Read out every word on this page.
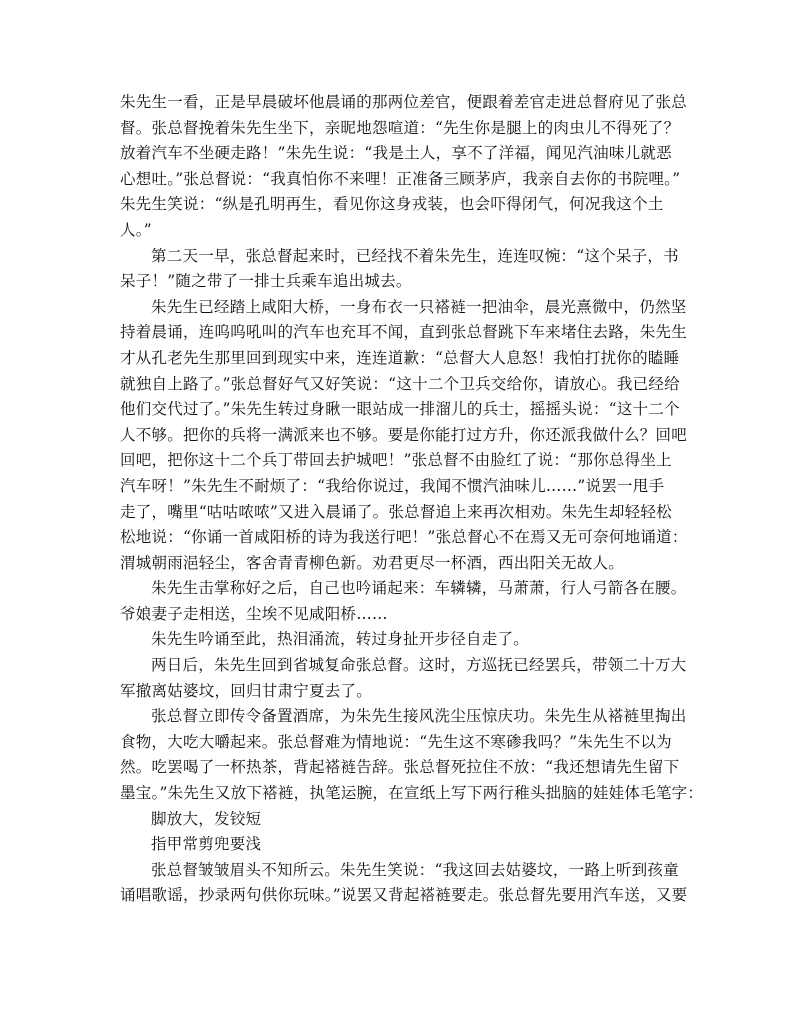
朱先生一看，正是早晨破坏他晨诵的那两位差官，便跟着差官走进总督府见了张总
督。张总督挽着朱先生坐下，亲昵地怨喧道：“先生你是腿上的肉虫儿不得死了？
放着汽车不坐硬走路！”朱先生说：“我是土人，享不了洋福，闻见汽油味儿就恶
心想吐。”张总督说：“我真怕你不来哩！正准备三顾茅庐，我亲自去你的书院哩。”
朱先生笑说：“纵是孔明再生，看见你这身戎装，也会吓得闭气，何况我这个土
人。”
第二天一早，张总督起来时，已经找不着朱先生，连连叹惋：“这个呆子，书
呆子！”随之带了一排士兵乘车追出城去。
朱先生已经踏上咸阳大桥，一身布衣一只褡裢一把油伞，晨光熹微中，仍然坚
持着晨诵，连呜呜吼叫的汽车也充耳不闻，直到张总督跳下车来堵住去路，朱先生
才从孔老先生那里回到现实中来，连连道歉：“总督大人息怒！我怕打扰你的瞌睡
就独自上路了。”张总督好气又好笑说：“这十二个卫兵交给你，请放心。我已经给
他们交代过了。”朱先生转过身瞅一眼站成一排溜儿的兵士，摇摇头说：“这十二个
人不够。把你的兵将一满派来也不够。要是你能打过方升，你还派我做什么？回吧
回吧，把你这十二个兵丁带回去护城吧！”张总督不由脸红了说：“那你总得坐上
汽车呀！”朱先生不耐烦了：“我给你说过，我闻不惯汽油味儿……”说罢一甩手
走了，嘴里“咕咕哝哝”又进入晨诵了。张总督追上来再次相劝。朱先生却轻轻松
松地说：“你诵一首咸阳桥的诗为我送行吧！”张总督心不在焉又无可奈何地诵道：
渭城朝雨浥轻尘，客舍青青柳色新。劝君更尽一杯酒，西出阳关无故人。
朱先生击掌称好之后，自己也吟诵起来：车辚辚，马萧萧，行人弓箭各在腰。
爷娘妻子走相送，尘埃不见咸阳桥……
朱先生吟诵至此，热泪涌流，转过身扯开步径自走了。
两日后，朱先生回到省城复命张总督。这时，方巡抚已经罢兵，带领二十万大
军撤离姑婆坟，回归甘肃宁夏去了。
张总督立即传令备置酒席，为朱先生接风洗尘压惊庆功。朱先生从褡裢里掏出
食物，大吃大嚼起来。张总督难为情地说：“先生这不寒碜我吗？”朱先生不以为
然。吃罢喝了一杯热茶，背起褡裢告辞。张总督死拉住不放：“我还想请先生留下
墨宝。”朱先生又放下褡裢，执笔运腕，在宣纸上写下两行稚头拙脑的娃娃体毛笔字：
脚放大，发铰短
指甲常剪兜要浅
张总督皱皱眉头不知所云。朱先生笑说：“我这回去姑婆坟，一路上听到孩童
诵唱歌谣，抄录两句供你玩味。”说罢又背起褡裢要走。张总督先要用汽车送，又要
